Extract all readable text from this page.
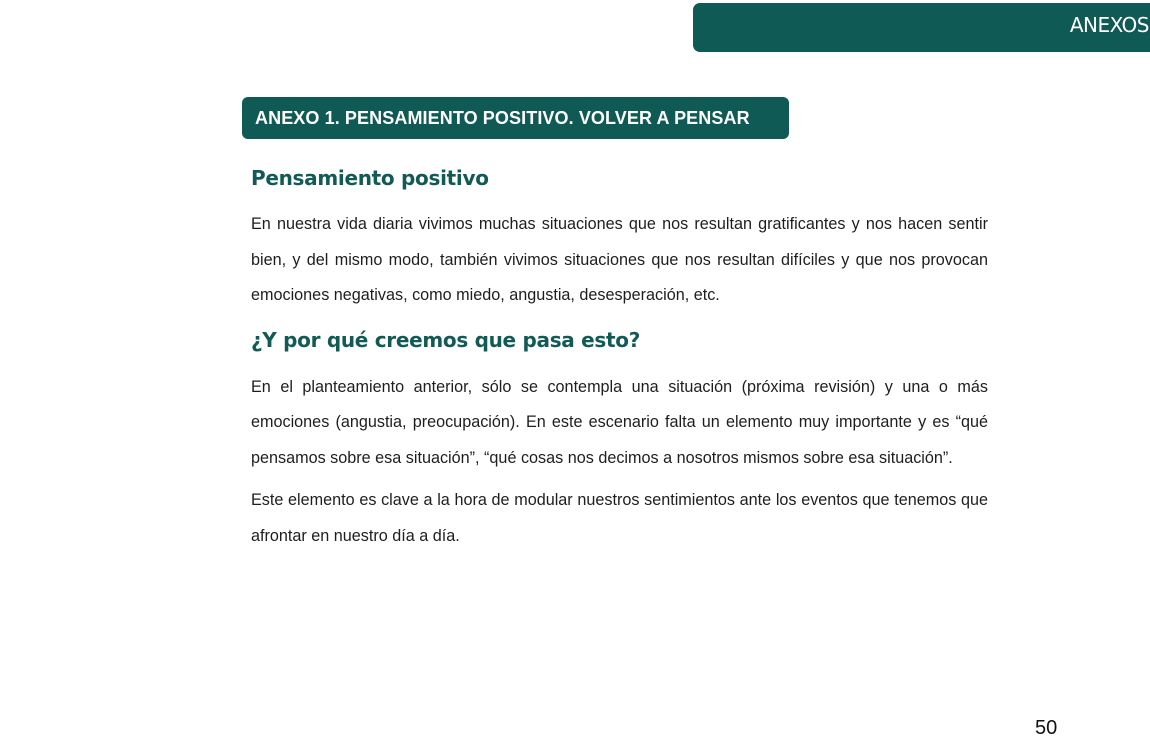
ANEXOS
ANEXO 1. PENSAMIENTO POSITIVO. VOLVER A PENSAR
Pensamiento positivo

En nuestra vida diaria vivimos muchas situaciones que nos resultan gratificantes y nos hacen sentir bien, y del mismo modo, también vivimos situaciones que nos resultan difíciles y que nos provocan emociones negativas, como miedo, angustia, desesperación, etc.

¿Y por qué creemos que pasa esto?

En el planteamiento anterior, sólo se contempla una situación (próxima revisión) y una o más emociones (angustia, preocupación). En este escenario falta un elemento muy importante y es “qué pensamos sobre esa situación”, “qué cosas nos decimos a nosotros mismos sobre esa situación”.

Este elemento es clave a la hora de modular nuestros sentimientos ante los eventos que tenemos que afrontar en nuestro día a día.

50
